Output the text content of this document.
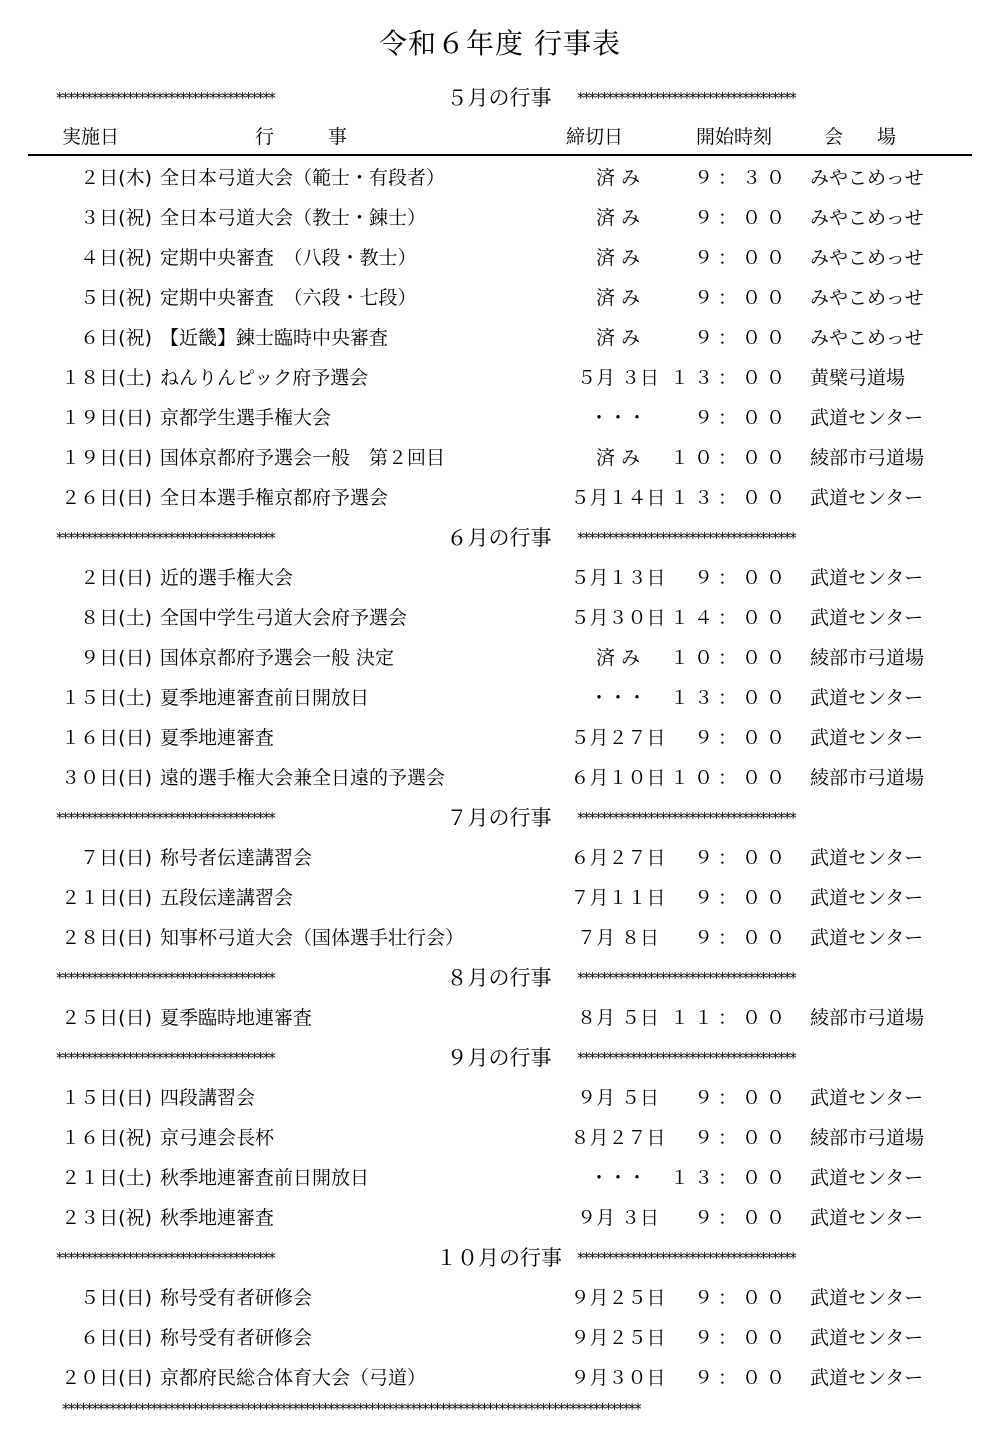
令和６年度 行事表
*************************************	５月の行事	*************************************
実施日	行 事	締切日	開始時刻	会 場
２日(木) 全日本弓道大会（範士・有段者）	済 み	９：３０ みやこめっせ
３日(祝) 全日本弓道大会（教士・錬士）	済 み	９：００ みやこめっせ
４日(祝) 定期中央審査　（八段・教士）	済 み	９：００ みやこめっせ
５日(祝) 定期中央審査　（六段・七段）	済 み	９：００ みやこめっせ
６日(祝) 【近畿】錬士臨時中央審査	済 み	９：００ みやこめっせ
１８日(土) ねんりんピック府予選会	５月 ３日 １３：００ 黄檗弓道場
１９日(日) 京都学生選手権大会	・・・	９：００ 武道センター
１９日(日) 国体京都府予選会一般　第２回目	済 み	１０：００ 綾部市弓道場
２６日(日) 全日本選手権京都府予選会	５月１４日 １３：００ 武道センター
*************************************	６月の行事	*************************************
２日(日) 近的選手権大会	５月１３日 ９：００ 武道センター
８日(土) 全国中学生弓道大会府予選会	５月３０日 １４：００ 武道センター
９日(日) 国体京都府予選会一般 決定	済 み	１０：００ 綾部市弓道場
１５日(土) 夏季地連審査前日開放日	・・・	１３：００ 武道センター
１６日(日) 夏季地連審査	５月２７日 ９：００ 武道センター
３０日(日) 遠的選手権大会兼全日遠的予選会	６月１０日 １０：００ 綾部市弓道場
*************************************	７月の行事	*************************************
７日(日) 称号者伝達講習会	６月２７日 ９：００ 武道センター
２１日(日) 五段伝達講習会	７月１１日 ９：００ 武道センター
２８日(日) 知事杯弓道大会（国体選手壮行会）	７月 ８日	９：００ 武道センター
*************************************	８月の行事	*************************************
２５日(日) 夏季臨時地連審査	８月 ５日 １１：００ 綾部市弓道場
*************************************	９月の行事	*************************************
１５日(日) 四段講習会	９月 ５日	９：００ 武道センター
１６日(祝) 京弓連会長杯	８月２７日 ９：００ 綾部市弓道場
２１日(土) 秋季地連審査前日開放日	・・・	１３：００ 武道センター
２３日(祝) 秋季地連審査	９月 ３日	９：００ 武道センター
*************************************	１０月の行事	*************************************
５日(日) 称号受有者研修会	９月２５日 ９：００ 武道センター
６日(日) 称号受有者研修会	９月２５日 ９：００ 武道センター
２０日(日) 京都府民総合体育大会（弓道）	９月３０日 ９：００ 武道センター
**************************************************************************************************
